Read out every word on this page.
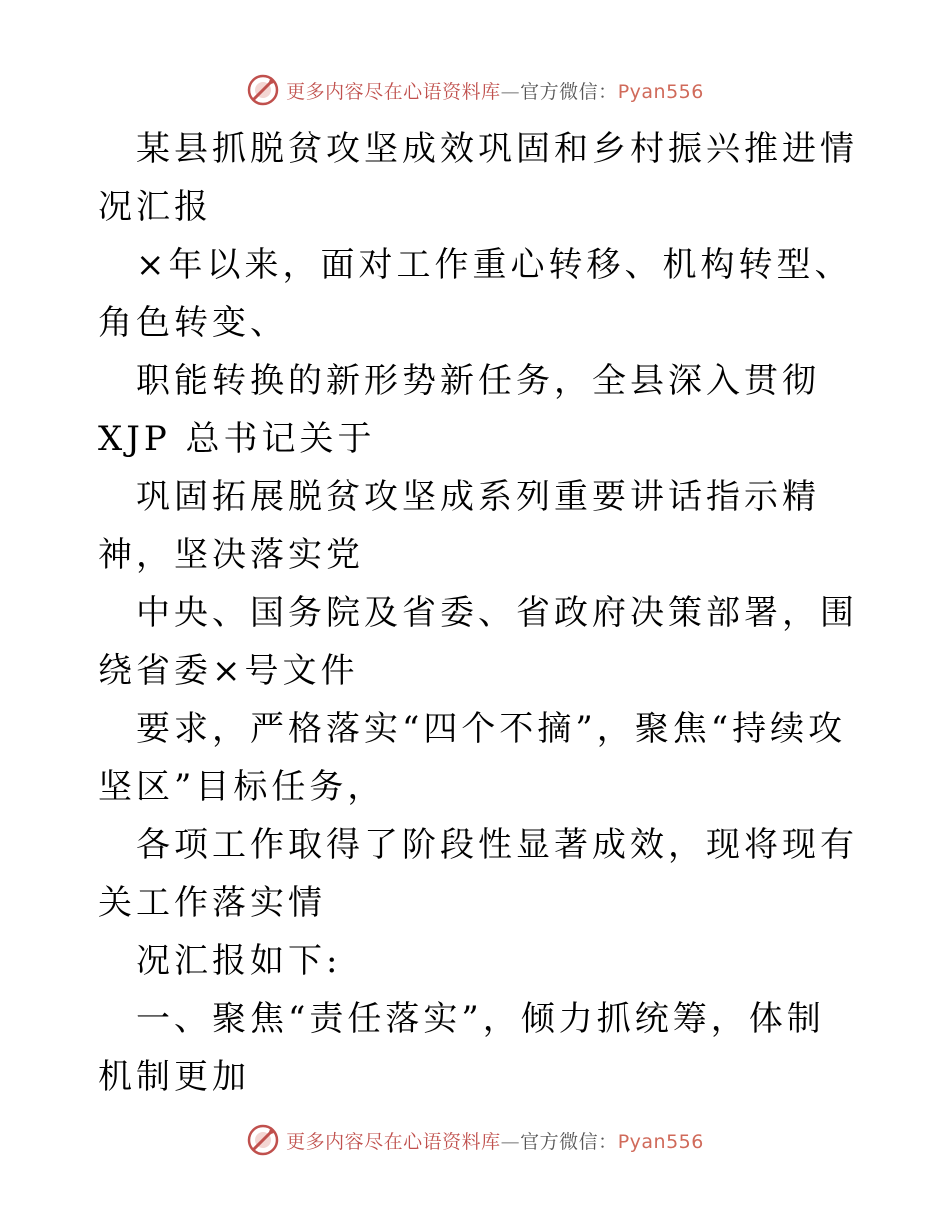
更多内容尽在心语资料库—官方微信：Pyan556

某县抓脱贫攻坚成效巩固和乡村振兴推进情况汇报

×年以来，面对工作重心转移、机构转型、角色转变、

职能转换的新形势新任务，全县深入贯彻 XJP 总书记关于

巩固拓展脱贫攻坚成系列重要讲话指示精神，坚决落实党

中央、国务院及省委、省政府决策部署，围绕省委×号文件

要求，严格落实“四个不摘”，聚焦“持续攻坚区”目标任务，

各项工作取得了阶段性显著成效，现将现有关工作落实情

况汇报如下:

一、聚焦“责任落实”，倾力抓统筹，体制机制更加

更多内容尽在心语资料库—官方微信：Pyan556
